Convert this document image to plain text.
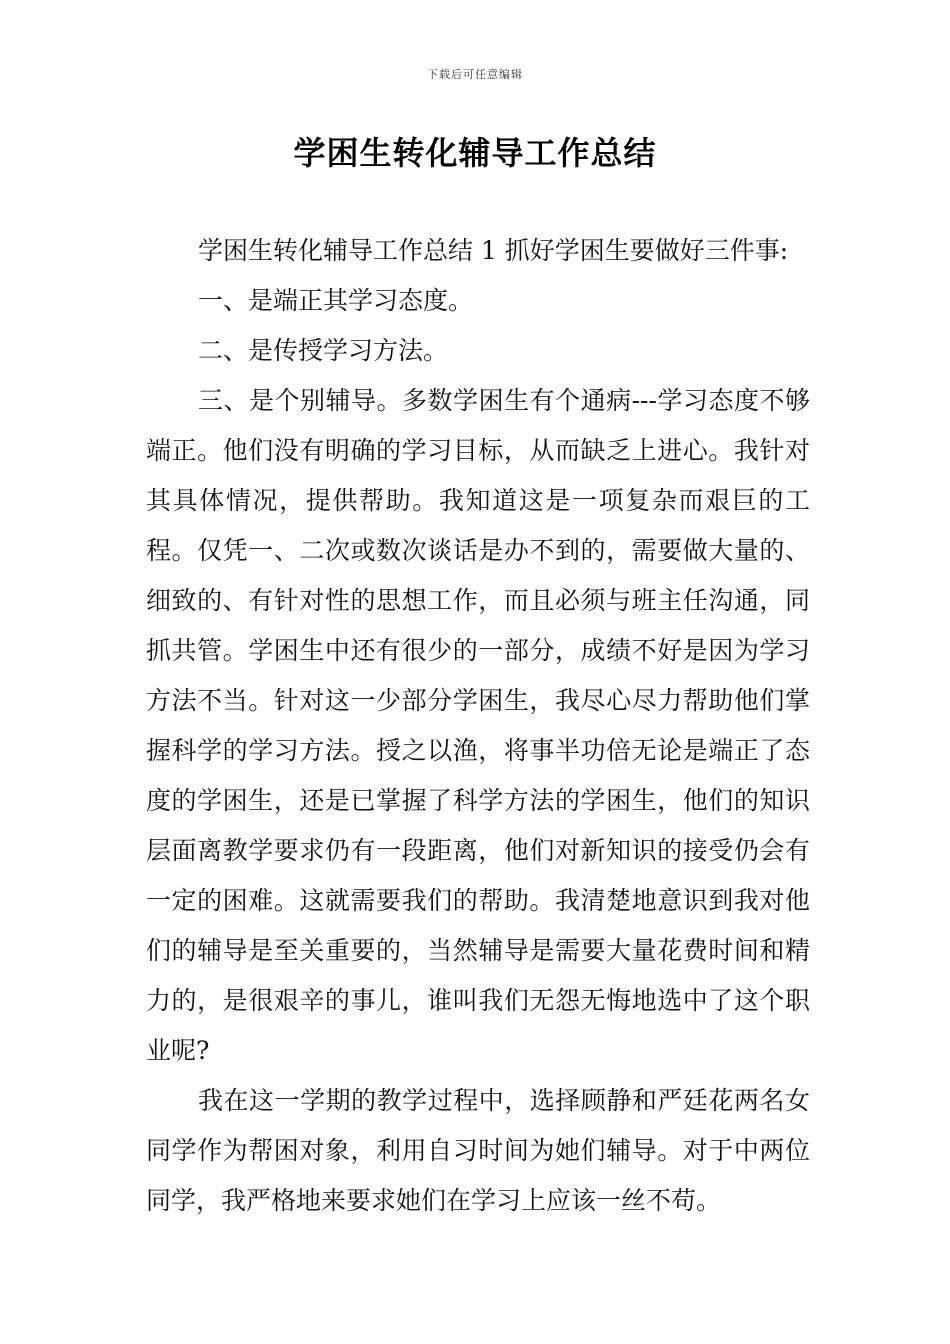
下载后可任意编辑
学困生转化辅导工作总结

学困生转化辅导工作总结 1 抓好学困生要做好三件事:

一、是端正其学习态度。

二、是传授学习方法。

三、是个别辅导。多数学困生有个通病---学习态度不够端正。他们没有明确的学习目标，从而缺乏上进心。我针对其具体情况，提供帮助。我知道这是一项复杂而艰巨的工程。仅凭一、二次或数次谈话是办不到的，需要做大量的、细致的、有针对性的思想工作，而且必须与班主任沟通，同抓共管。学困生中还有很少的一部分，成绩不好是因为学习方法不当。针对这一少部分学困生，我尽心尽力帮助他们掌握科学的学习方法。授之以渔，将事半功倍无论是端正了态度的学困生，还是已掌握了科学方法的学困生，他们的知识层面离教学要求仍有一段距离，他们对新知识的接受仍会有一定的困难。这就需要我们的帮助。我清楚地意识到我对他们的辅导是至关重要的，当然辅导是需要大量花费时间和精力的，是很艰辛的事儿，谁叫我们无怨无悔地选中了这个职业呢?

我在这一学期的教学过程中，选择顾静和严廷花两名女同学作为帮困对象，利用自习时间为她们辅导。对于中两位同学，我严格地来要求她们在学习上应该一丝不苟。
